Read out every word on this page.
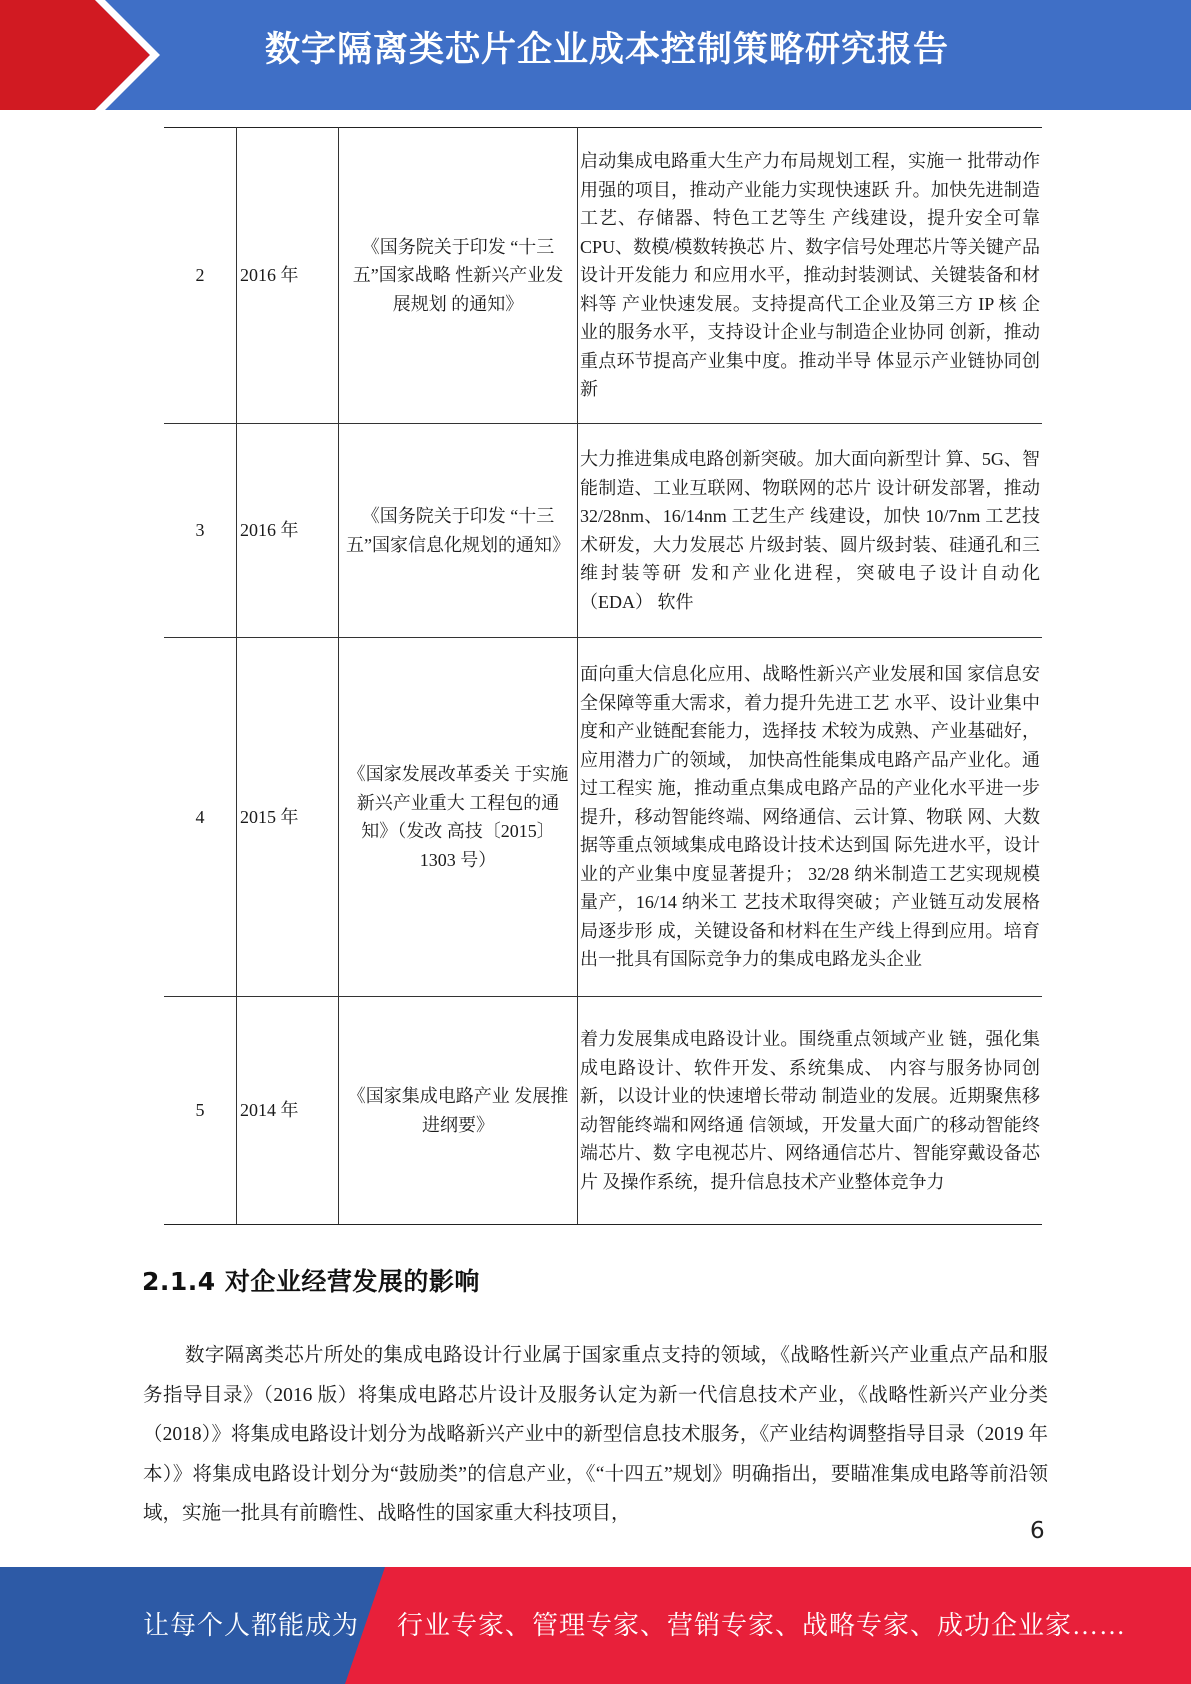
数字隔离类芯片企业成本控制策略研究报告
2	2016 年	《国务院关于印发 “十三五”国家战略 性新兴产业发展规划 的通知》	启动集成电路重大生产力布局规划工程，实施一 批带动作用强的项目，推动产业能力实现快速跃 升。加快先进制造工艺、存储器、特色工艺等生 产线建设，提升安全可靠 CPU、数模/模数转换芯 片、数字信号处理芯片等关键产品设计开发能力 和应用水平，推动封装测试、关键装备和材料等 产业快速发展。支持提高代工企业及第三方 IP 核 企业的服务水平，支持设计企业与制造企业协同 创新，推动重点环节提高产业集中度。推动半导 体显示产业链协同创新
3	2016 年	《国务院关于印发 “十三五”国家信息化规划的通知》	大力推进集成电路创新突破。加大面向新型计 算、5G、智能制造、工业互联网、物联网的芯片 设计研发部署，推动 32/28nm、16/14nm 工艺生产 线建设，加快 10/7nm 工艺技术研发，大力发展芯 片级封装、圆片级封装、硅通孔和三维封装等研 发和产业化进程，突破电子设计自动化（EDA） 软件
4	2015 年	《国家发展改革委关 于实施新兴产业重大 工程包的通知》（发改 高技〔2015〕 1303 号）	面向重大信息化应用、战略性新兴产业发展和国 家信息安全保障等重大需求，着力提升先进工艺 水平、设计业集中度和产业链配套能力，选择技 术较为成熟、产业基础好，应用潜力广的领域， 加快高性能集成电路产品产业化。通过工程实 施，推动重点集成电路产品的产业化水平进一步提升，移动智能终端、网络通信、云计算、物联 网、大数据等重点领域集成电路设计技术达到国 际先进水平，设计业的产业集中度显著提升； 32/28 纳米制造工艺实现规模量产，16/14 纳米工 艺技术取得突破；产业链互动发展格局逐步形 成，关键设备和材料在生产线上得到应用。培育 出一批具有国际竞争力的集成电路龙头企业
5	2014 年	《国家集成电路产业 发展推进纲要》	着力发展集成电路设计业。围绕重点领域产业 链，强化集成电路设计、软件开发、系统集成、 内容与服务协同创新，以设计业的快速增长带动 制造业的发展。近期聚焦移动智能终端和网络通 信领域，开发量大面广的移动智能终端芯片、数 字电视芯片、网络通信芯片、智能穿戴设备芯片 及操作系统，提升信息技术产业整体竞争力
2.1.4 对企业经营发展的影响
数字隔离类芯片所处的集成电路设计行业属于国家重点支持的领域，《战略性新兴产业重点产品和服务指导目录》（2016 版）将集成电路芯片设计及服务认定为新一代信息技术产业，《战略性新兴产业分类（2018）》将集成电路设计划分为战略新兴产业中的新型信息技术服务，《产业结构调整指导目录（2019 年本）》将集成电路设计划分为“鼓励类”的信息产业，《“十四五”规划》明确指出，要瞄准集成电路等前沿领域，实施一批具有前瞻性、战略性的国家重大科技项目，
6
让每个人都能成为 行业专家、管理专家、营销专家、战略专家、成功企业家……
